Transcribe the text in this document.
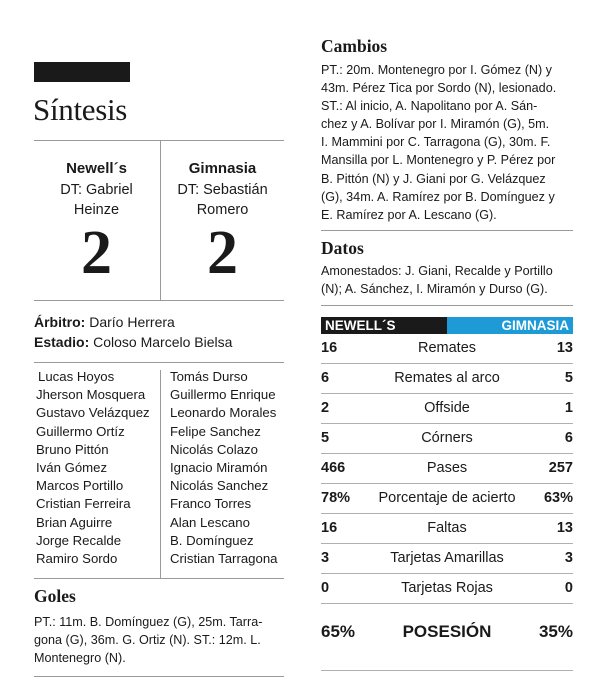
Síntesis
Newell´s
DT: Gabriel
Heinze
2
Gimnasia
DT: Sebastián
Romero
2
Árbitro: Darío Herrera
Estadio: Coloso Marcelo Bielsa
Lucas Hoyos
Jherson Mosquera
Gustavo Velázquez
Guillermo Ortíz
Bruno Pittón
Iván Gómez
Marcos Portillo
Cristian Ferreira
Brian Aguirre
Jorge Recalde
Ramiro Sordo
Tomás Durso
Guillermo Enrique
Leonardo Morales
Felipe Sanchez
Nicolás Colazo
Ignacio Miramón
Nicolás Sanchez
Franco Torres
Alan Lescano
B. Domínguez
Cristian Tarragona
Goles
PT.: 11m. B. Domínguez (G), 25m. Tarra-
gona (G), 36m. G. Ortiz (N). ST.: 12m. L.
Montenegro (N).
Cambios
PT.: 20m. Montenegro por I. Gómez (N) y
43m. Pérez Tica por Sordo (N), lesionado.
ST.: Al inicio, A. Napolitano por A. Sán-
chez y A. Bolívar por I. Miramón (G), 5m.
I. Mammini por C. Tarragona (G), 30m. F.
Mansilla por L. Montenegro y P. Pérez por
B. Pittón (N) y J. Giani por G. Velázquez
(G), 34m. A. Ramírez por B. Domínguez y
E. Ramírez por A. Lescano (G).
Datos
Amonestados: J. Giani, Recalde y Portillo
(N); A. Sánchez, I. Miramón y Durso (G).
NEWELL´S	GIMNASIA
16	Remates	13
6	Remates al arco	5
2	Offside	1
5	Córners	6
466	Pases	257
78%	Porcentaje de acierto	63%
16	Faltas	13
3	Tarjetas Amarillas	3
0	Tarjetas Rojas	0
65%	POSESIÓN	35%
